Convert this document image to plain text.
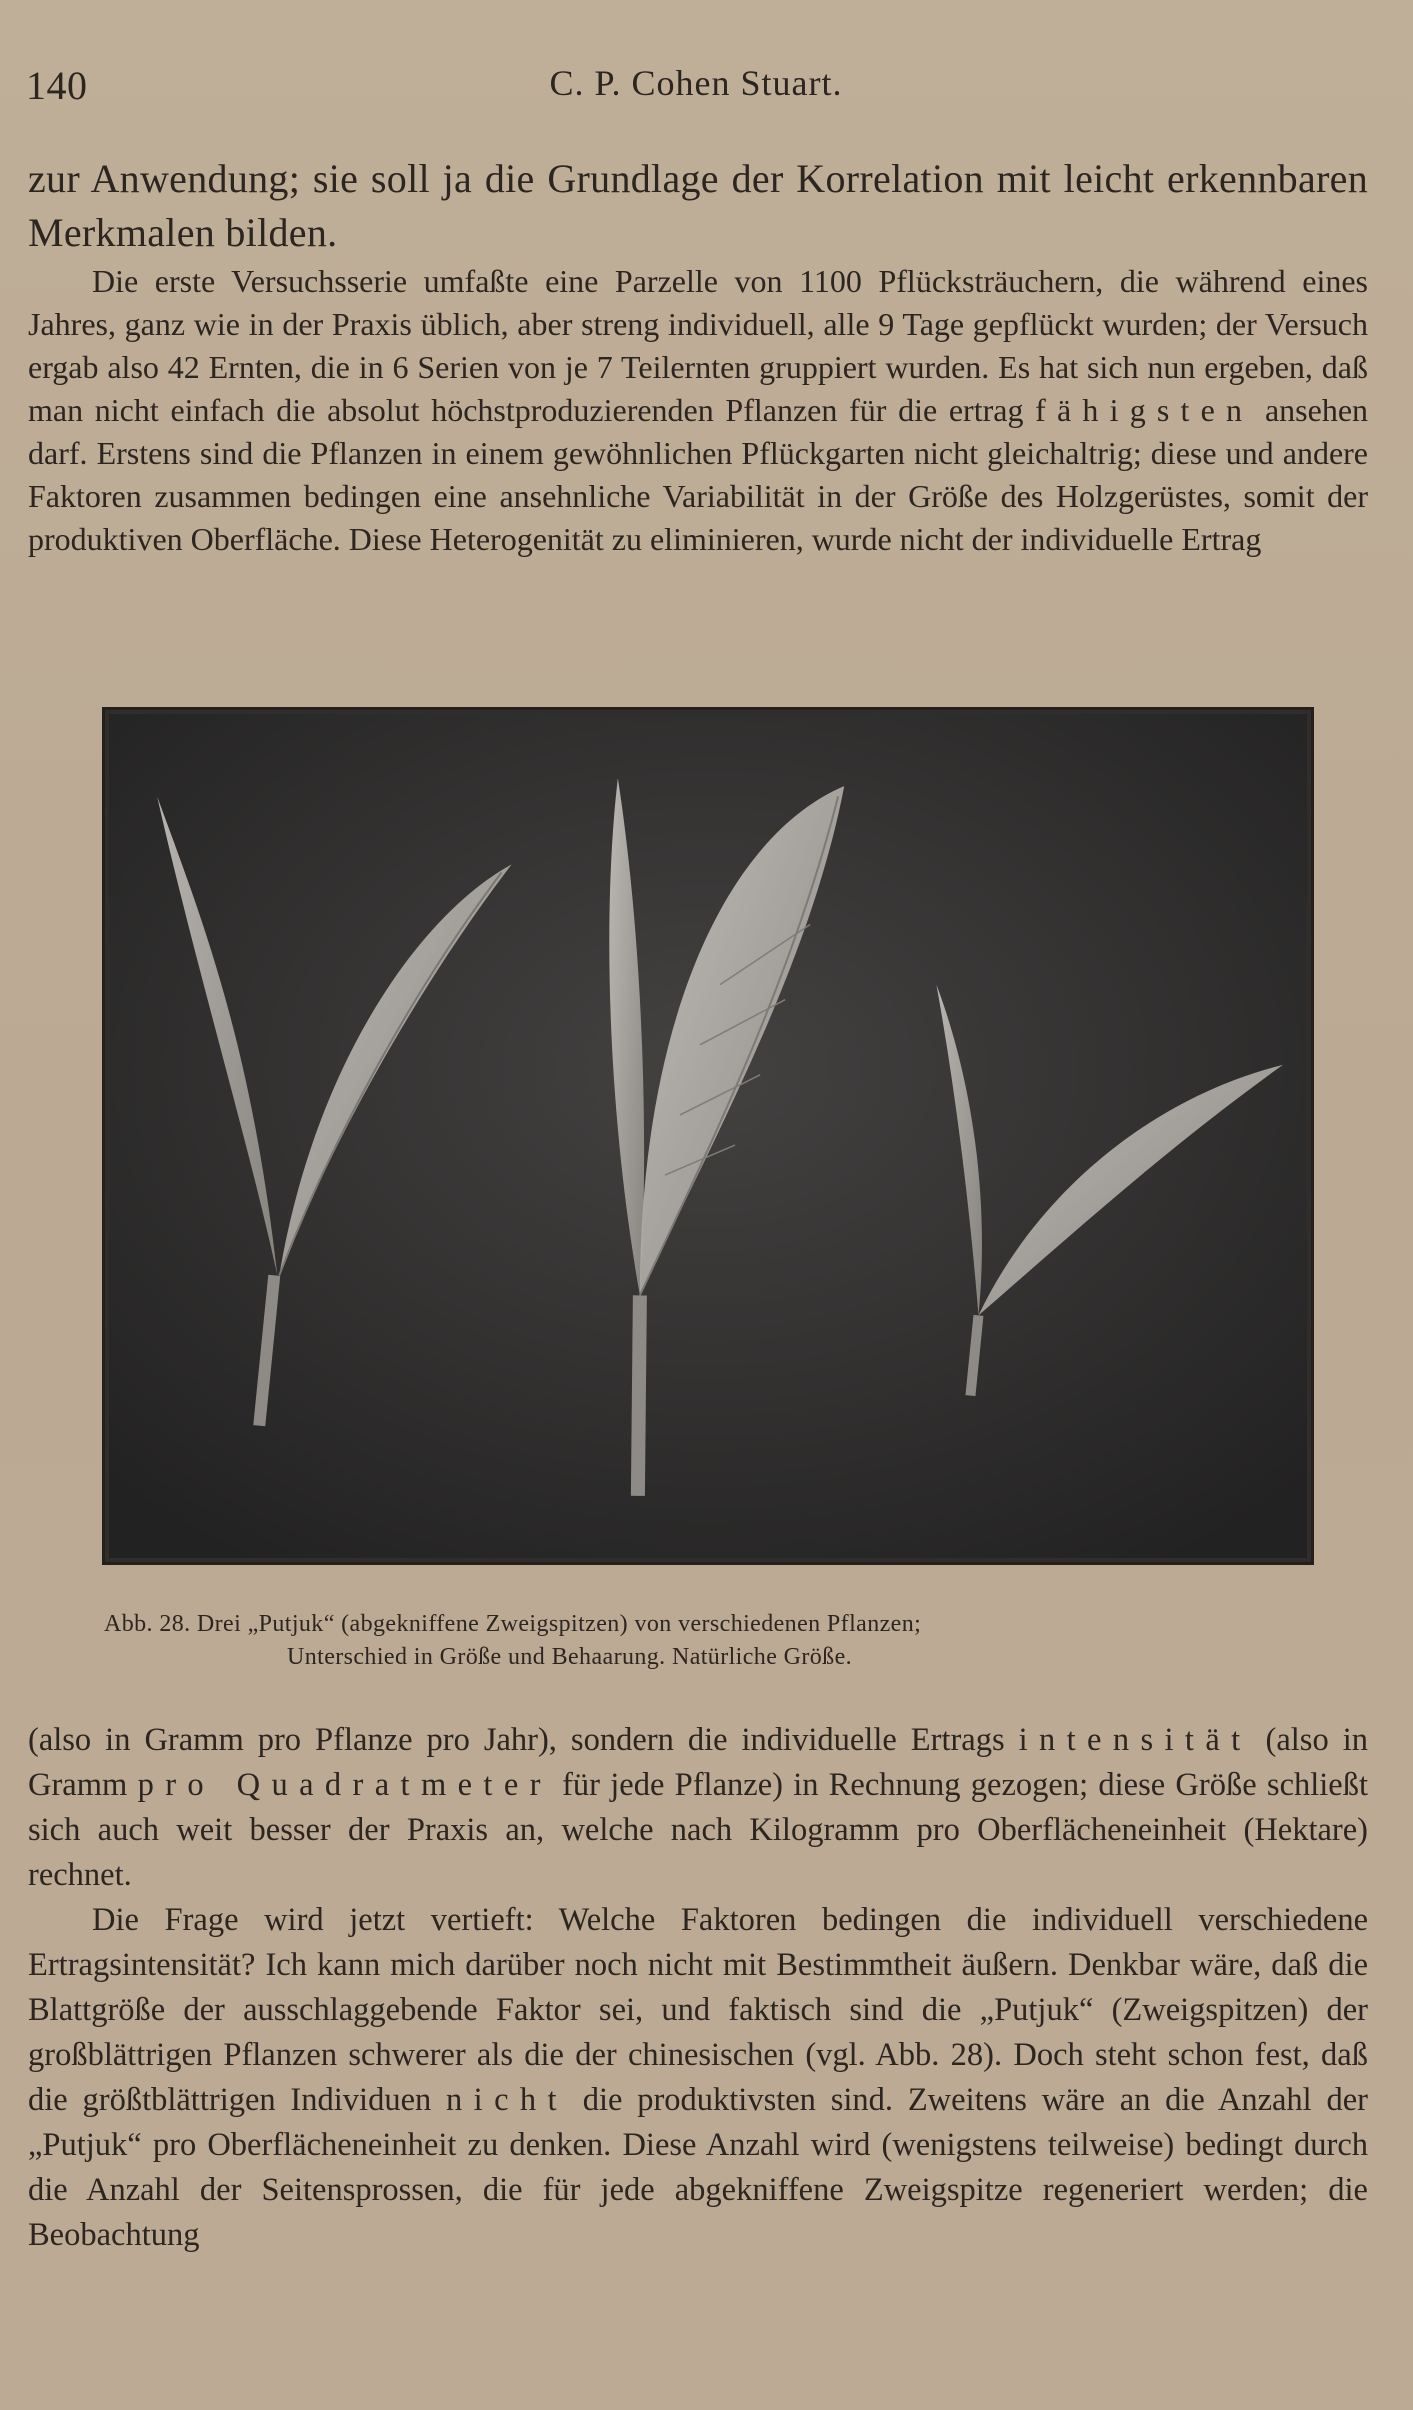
140	C. P. Cohen Stuart.

zur Anwendung; sie soll ja die Grundlage der Korrelation mit leicht erkennbaren Merkmalen bilden.

Die erste Versuchsserie umfaßte eine Parzelle von 1100 Pflücksträuchern, die während eines Jahres, ganz wie in der Praxis üblich, aber streng individuell, alle 9 Tage gepflückt wurden; der Versuch ergab also 42 Ernten, die in 6 Serien von je 7 Teilernten gruppiert wurden. Es hat sich nun ergeben, daß man nicht einfach die absolut höchstproduzierenden Pflanzen für die ertrag fähigsten ansehen darf. Erstens sind die Pflanzen in einem gewöhnlichen Pflückgarten nicht gleichaltrig; diese und andere Faktoren zusammen bedingen eine ansehnliche Variabilität in der Größe des Holzgerüstes, somit der produktiven Oberfläche. Diese Heterogenität zu eliminieren, wurde nicht der individuelle Ertrag

Abb. 28. Drei „Putjuk“ (abgekniffene Zweigspitzen) von verschiedenen Pflanzen;
Unterschied in Größe und Behaarung. Natürliche Größe.

(also in Gramm pro Pflanze pro Jahr), sondern die individuelle Ertrags intensität (also in Gramm pro Quadratmeter für jede Pflanze) in Rechnung gezogen; diese Größe schließt sich auch weit besser der Praxis an, welche nach Kilogramm pro Oberflächeneinheit (Hektare) rechnet.

Die Frage wird jetzt vertieft: Welche Faktoren bedingen die individuell verschiedene Ertragsintensität? Ich kann mich darüber noch nicht mit Bestimmtheit äußern. Denkbar wäre, daß die Blattgröße der ausschlaggebende Faktor sei, und faktisch sind die „Putjuk“ (Zweigspitzen) der großblättrigen Pflanzen schwerer als die der chinesischen (vgl. Abb. 28). Doch steht schon fest, daß die größtblättrigen Individuen nicht die produktivsten sind. Zweitens wäre an die Anzahl der „Putjuk“ pro Oberflächeneinheit zu denken. Diese Anzahl wird (wenigstens teilweise) bedingt durch die Anzahl der Seitensprossen, die für jede abgekniffene Zweigspitze regeneriert werden; die Beobachtung
